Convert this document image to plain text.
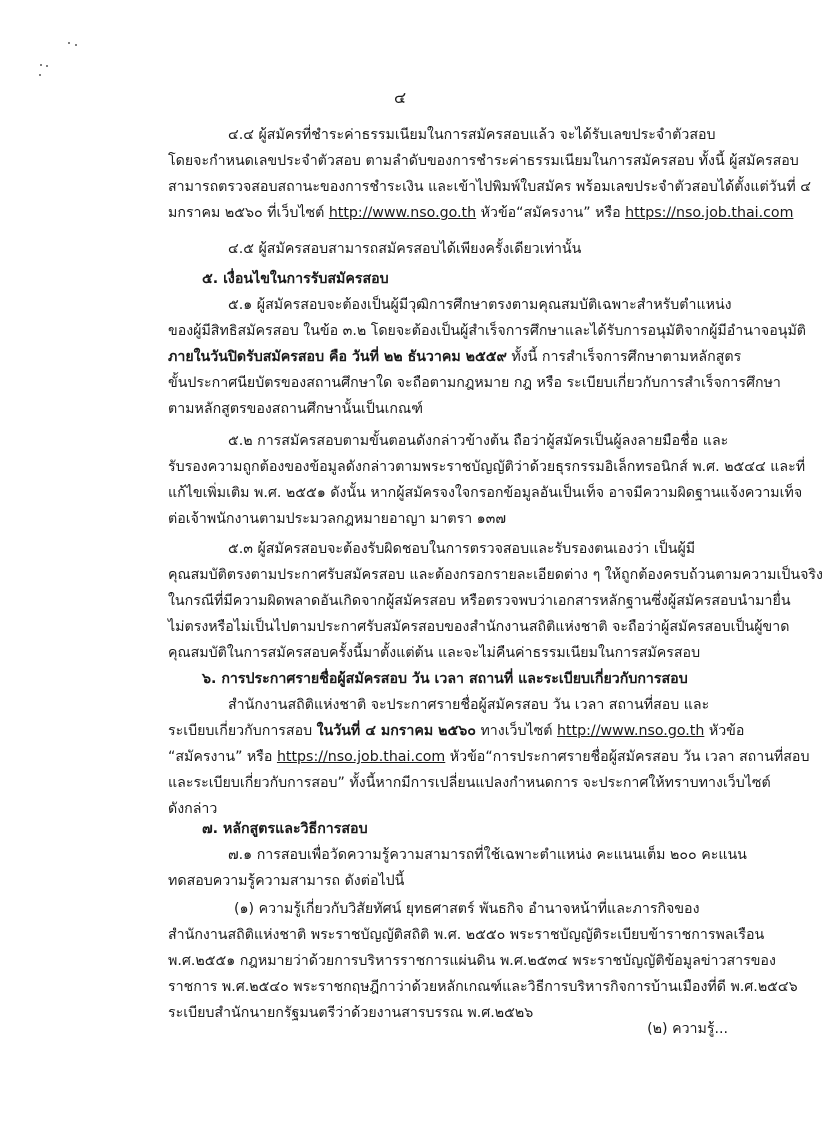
๔
๔.๔ ผู้สมัครที่ชำระค่าธรรมเนียมในการสมัครสอบแล้ว จะได้รับเลขประจำตัวสอบ
โดยจะกำหนดเลขประจำตัวสอบ ตามลำดับของการชำระค่าธรรมเนียมในการสมัครสอบ ทั้งนี้ ผู้สมัครสอบ
สามารถตรวจสอบสถานะของการชำระเงิน และเข้าไปพิมพ์ใบสมัคร พร้อมเลขประจำตัวสอบได้ตั้งแต่วันที่ ๔
มกราคม ๒๕๖๐ ที่เว็บไซต์ http://www.nso.go.th หัวข้อ“สมัครงาน” หรือ https://nso.job.thai.com
๔.๕ ผู้สมัครสอบสามารถสมัครสอบได้เพียงครั้งเดียวเท่านั้น
๕. เงื่อนไขในการรับสมัครสอบ
๕.๑ ผู้สมัครสอบจะต้องเป็นผู้มีวุฒิการศึกษาตรงตามคุณสมบัติเฉพาะสำหรับตำแหน่ง
ของผู้มีสิทธิสมัครสอบ ในข้อ ๓.๒ โดยจะต้องเป็นผู้สำเร็จการศึกษาและได้รับการอนุมัติจากผู้มีอำนาจอนุมัติ
ภายในวันปิดรับสมัครสอบ คือ วันที่ ๒๒ ธันวาคม ๒๕๕๙ ทั้งนี้ การสำเร็จการศึกษาตามหลักสูตร
ขั้นประกาศนียบัตรของสถานศึกษาใด จะถือตามกฎหมาย กฎ หรือ ระเบียบเกี่ยวกับการสำเร็จการศึกษา
ตามหลักสูตรของสถานศึกษานั้นเป็นเกณฑ์
๕.๒ การสมัครสอบตามขั้นตอนดังกล่าวข้างต้น ถือว่าผู้สมัครเป็นผู้ลงลายมือชื่อ และ
รับรองความถูกต้องของข้อมูลดังกล่าวตามพระราชบัญญัติว่าด้วยธุรกรรมอิเล็กทรอนิกส์ พ.ศ. ๒๕๔๔ และที่
แก้ไขเพิ่มเติม พ.ศ. ๒๕๕๑ ดังนั้น หากผู้สมัครจงใจกรอกข้อมูลอันเป็นเท็จ อาจมีความผิดฐานแจ้งความเท็จ
ต่อเจ้าพนักงานตามประมวลกฎหมายอาญา มาตรา ๑๓๗
๕.๓ ผู้สมัครสอบจะต้องรับผิดชอบในการตรวจสอบและรับรองตนเองว่า เป็นผู้มี
คุณสมบัติตรงตามประกาศรับสมัครสอบ และต้องกรอกรายละเอียดต่าง ๆ ให้ถูกต้องครบถ้วนตามความเป็นจริง
ในกรณีที่มีความผิดพลาดอันเกิดจากผู้สมัครสอบ หรือตรวจพบว่าเอกสารหลักฐานซึ่งผู้สมัครสอบนำมายื่น
ไม่ตรงหรือไม่เป็นไปตามประกาศรับสมัครสอบของสำนักงานสถิติแห่งชาติ จะถือว่าผู้สมัครสอบเป็นผู้ขาด
คุณสมบัติในการสมัครสอบครั้งนี้มาตั้งแต่ต้น และจะไม่คืนค่าธรรมเนียมในการสมัครสอบ
๖. การประกาศรายชื่อผู้สมัครสอบ วัน เวลา สถานที่ และระเบียบเกี่ยวกับการสอบ
สำนักงานสถิติแห่งชาติ จะประกาศรายชื่อผู้สมัครสอบ วัน เวลา สถานที่สอบ และ
ระเบียบเกี่ยวกับการสอบ ในวันที่ ๔ มกราคม ๒๕๖๐ ทางเว็บไซต์ http://www.nso.go.th หัวข้อ
“สมัครงาน” หรือ https://nso.job.thai.com หัวข้อ“การประกาศรายชื่อผู้สมัครสอบ วัน เวลา สถานที่สอบ
และระเบียบเกี่ยวกับการสอบ” ทั้งนี้หากมีการเปลี่ยนแปลงกำหนดการ จะประกาศให้ทราบทางเว็บไซต์
ดังกล่าว
๗. หลักสูตรและวิธีการสอบ
๗.๑ การสอบเพื่อวัดความรู้ความสามารถที่ใช้เฉพาะตำแหน่ง คะแนนเต็ม ๒๐๐ คะแนน
ทดสอบความรู้ความสามารถ ดังต่อไปนี้
(๑) ความรู้เกี่ยวกับวิสัยทัศน์ ยุทธศาสตร์ พันธกิจ อำนาจหน้าที่และภารกิจของ
สำนักงานสถิติแห่งชาติ พระราชบัญญัติสถิติ พ.ศ. ๒๕๕๐ พระราชบัญญัติระเบียบข้าราชการพลเรือน
พ.ศ.๒๕๕๑ กฎหมายว่าด้วยการบริหารราชการแผ่นดิน พ.ศ.๒๕๓๔ พระราชบัญญัติข้อมูลข่าวสารของ
ราชการ พ.ศ.๒๕๔๐ พระราชกฤษฎีกาว่าด้วยหลักเกณฑ์และวิธีการบริหารกิจการบ้านเมืองที่ดี พ.ศ.๒๕๔๖
ระเบียบสำนักนายกรัฐมนตรีว่าด้วยงานสารบรรณ พ.ศ.๒๕๒๖
(๒) ความรู้...
